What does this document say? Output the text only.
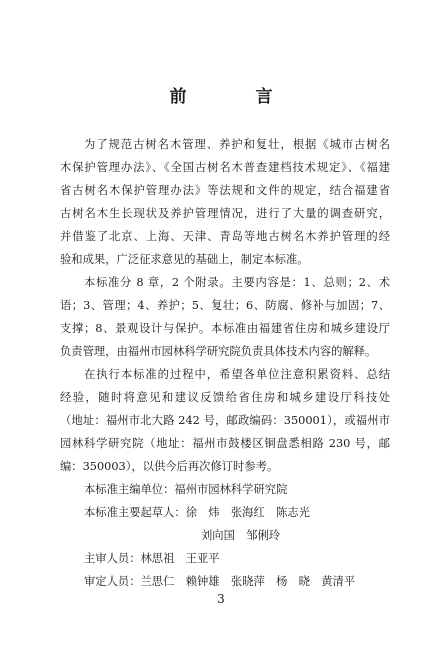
前　言
为了规范古树名木管理、养护和复壮，根据《城市古树名
木保护管理办法》、《全国古树名木普查建档技术规定》、《福建
省古树名木保护管理办法》等法规和文件的规定，结合福建省
古树名木生长现状及养护管理情况，进行了大量的调查研究，
并借鉴了北京、上海、天津、青岛等地古树名木养护管理的经
验和成果，广泛征求意见的基础上，制定本标准。
本标准分 8 章，2 个附录。主要内容是：1、总则；2、术
语；3、管理；4、养护；5、复壮；6、防腐、修补与加固；7、
支撑；8、景观设计与保护。本标准由福建省住房和城乡建设厅
负责管理，由福州市园林科学研究院负责具体技术内容的解释。
在执行本标准的过程中，希望各单位注意积累资料、总结
经验，随时将意见和建议反馈给省住房和城乡建设厅科技处
（地址：福州市北大路 242 号，邮政编码：350001），或福州市
园林科学研究院（地址：福州市鼓楼区铜盘悉相路 230 号，邮
编：350003），以供今后再次修订时参考。
本标准主编单位：福州市园林科学研究院
本标准主要起草人：徐　炜　张海红　陈志光
刘向国　邹俐玲
主审人员：林思祖　王亚平
审定人员：兰思仁　赖钟雄　张晓萍　杨　晓　黄清平
3
